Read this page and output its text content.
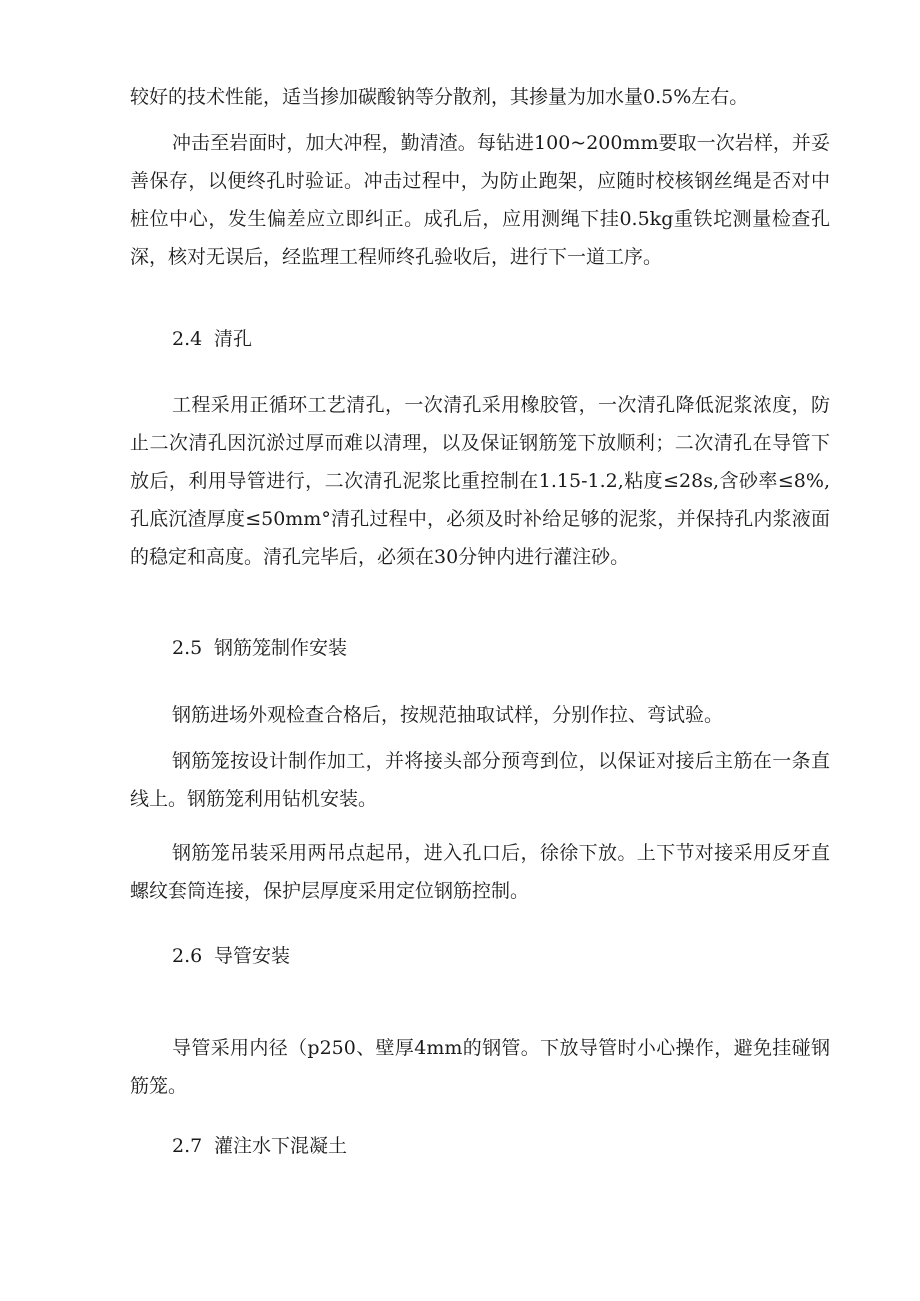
较好的技术性能，适当掺加碳酸钠等分散剂，其掺量为加水量0.5%左右。
冲击至岩面时，加大冲程，勤清渣。每钻进100~200mm要取一次岩样，并妥善保存，以便终孔时验证。冲击过程中，为防止跑架，应随时校核钢丝绳是否对中桩位中心，发生偏差应立即纠正。成孔后，应用测绳下挂0.5kg重铁坨测量检查孔深，核对无误后，经监理工程师终孔验收后，进行下一道工序。
2.4 清孔
工程采用正循环工艺清孔，一次清孔采用橡胶管，一次清孔降低泥浆浓度，防止二次清孔因沉淤过厚而难以清理，以及保证钢筋笼下放顺利；二次清孔在导管下放后，利用导管进行，二次清孔泥浆比重控制在1.15-1.2,粘度≤28s,含砂率≤8%,孔底沉渣厚度≤50mm°清孔过程中，必须及时补给足够的泥浆，并保持孔内浆液面的稳定和高度。清孔完毕后，必须在30分钟内进行灌注砂。
2.5 钢筋笼制作安装
钢筋进场外观检查合格后，按规范抽取试样，分别作拉、弯试验。
钢筋笼按设计制作加工，并将接头部分预弯到位，以保证对接后主筋在一条直线上。钢筋笼利用钻机安装。
钢筋笼吊装采用两吊点起吊，进入孔口后，徐徐下放。上下节对接采用反牙直螺纹套筒连接，保护层厚度采用定位钢筋控制。
2.6 导管安装
导管采用内径（p250、壁厚4mm的钢管。下放导管时小心操作，避免挂碰钢筋笼。
2.7 灌注水下混凝土
